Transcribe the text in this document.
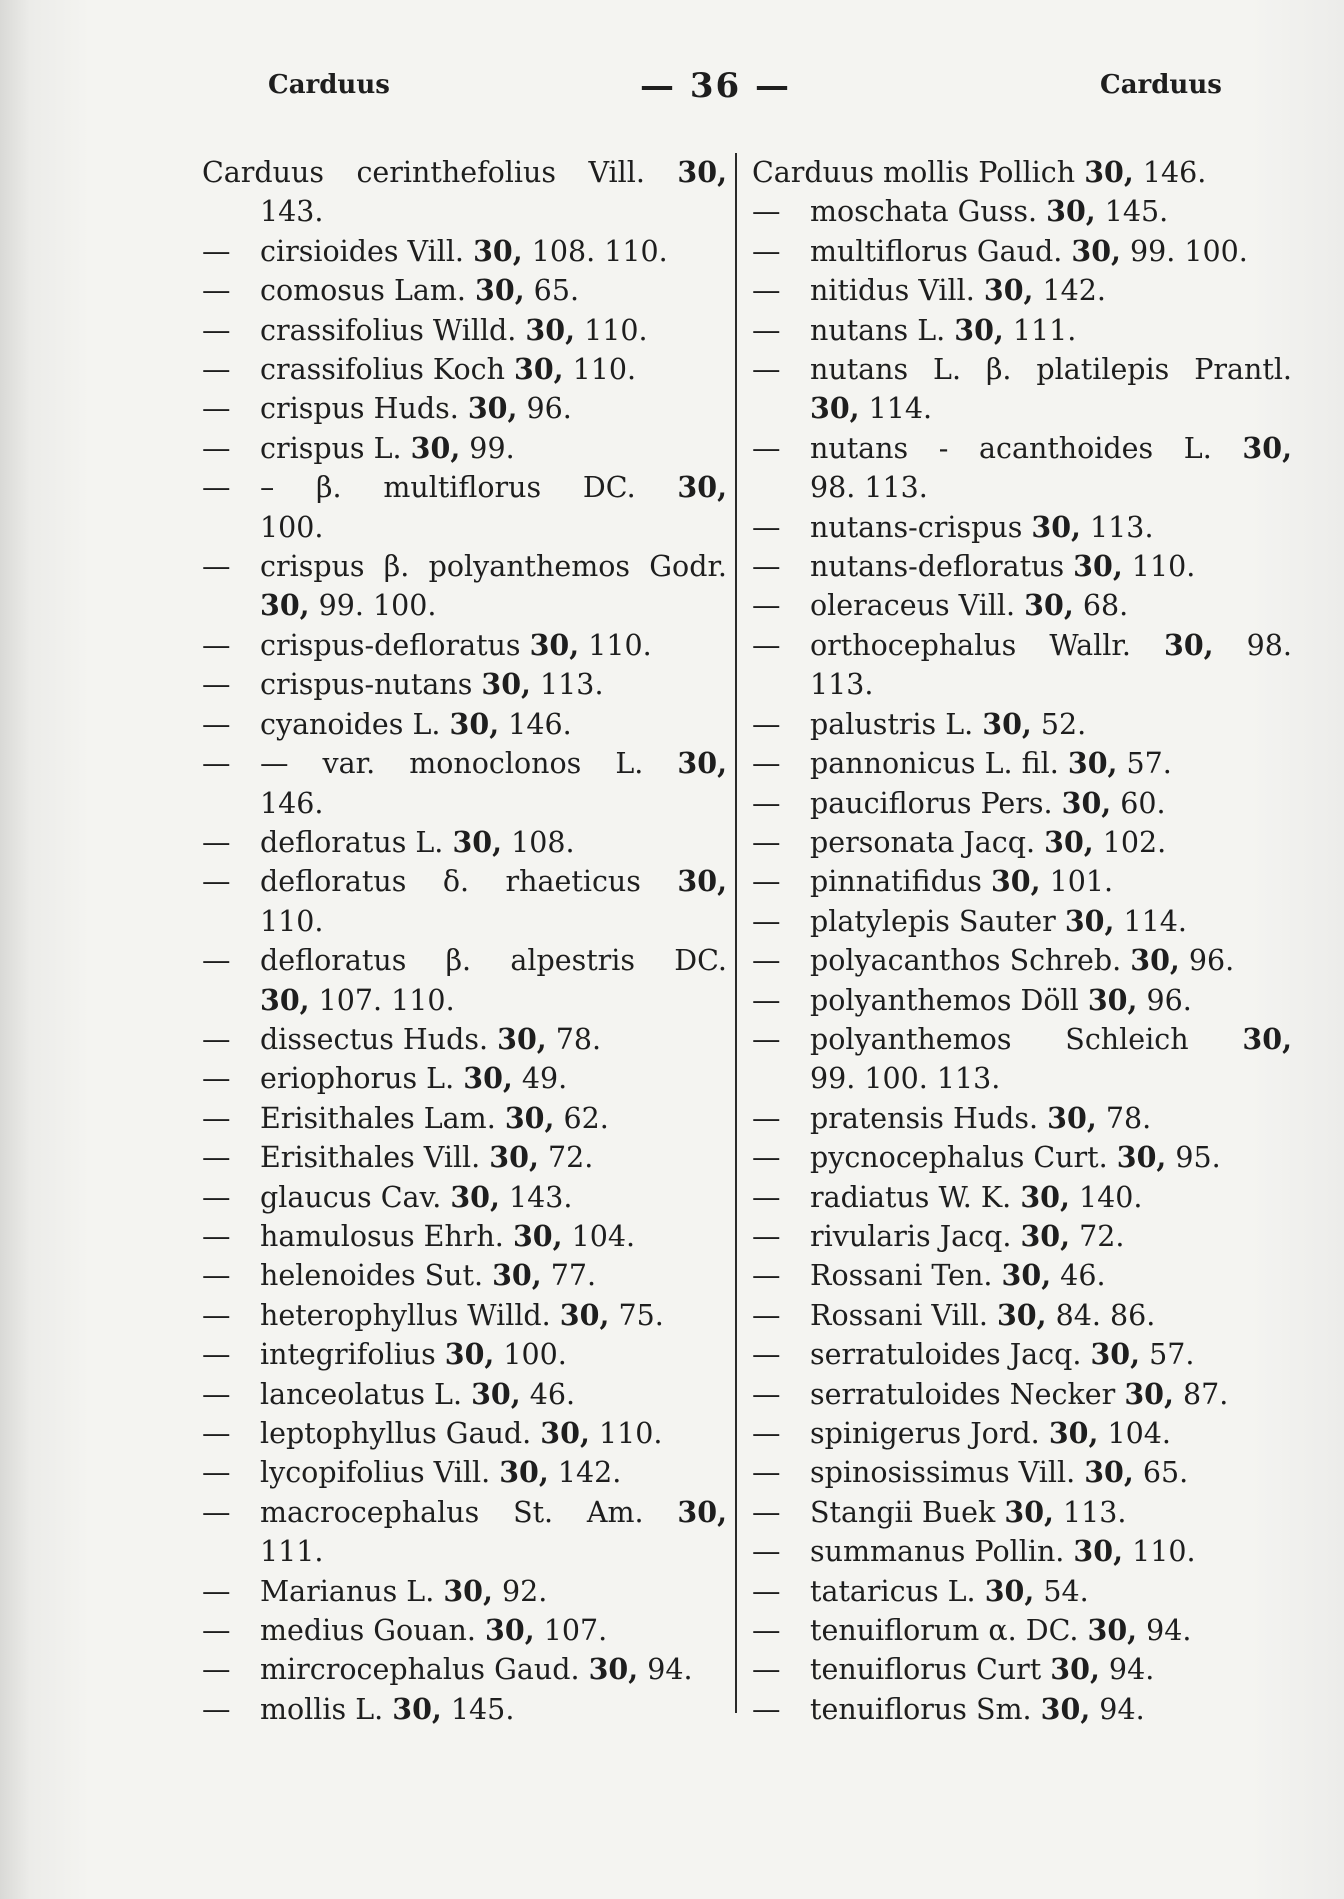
Carduus	— 36 —	Carduus
Carduus cerinthefolius Vill. 30,
143.
— cirsioides Vill. 30, 108. 110.
— comosus Lam. 30, 65.
— crassifolius Willd. 30, 110.
— crassifolius Koch 30, 110.
— crispus Huds. 30, 96.
— crispus L. 30, 99.
— – β. multiflorus DC. 30,
100.
— crispus β. polyanthemos Godr.
30, 99. 100.
— crispus-defloratus 30, 110.
— crispus-nutans 30, 113.
— cyanoides L. 30, 146.
— — var. monoclonos L. 30,
146.
— defloratus L. 30, 108.
— defloratus δ. rhaeticus 30,
110.
— defloratus β. alpestris DC.
30, 107. 110.
— dissectus Huds. 30, 78.
— eriophorus L. 30, 49.
— Erisithales Lam. 30, 62.
— Erisithales Vill. 30, 72.
— glaucus Cav. 30, 143.
— hamulosus Ehrh. 30, 104.
— helenoides Sut. 30, 77.
— heterophyllus Willd. 30, 75.
— integrifolius 30, 100.
— lanceolatus L. 30, 46.
— leptophyllus Gaud. 30, 110.
— lycopifolius Vill. 30, 142.
— macrocephalus St. Am. 30,
111.
— Marianus L. 30, 92.
— medius Gouan. 30, 107.
— mircrocephalus Gaud. 30, 94.
— mollis L. 30, 145.
Carduus mollis Pollich 30, 146.
— moschata Guss. 30, 145.
— multiflorus Gaud. 30, 99. 100.
— nitidus Vill. 30, 142.
— nutans L. 30, 111.
— nutans L. β. platilepis Prantl.
30, 114.
— nutans - acanthoides L. 30,
98. 113.
— nutans-crispus 30, 113.
— nutans-defloratus 30, 110.
— oleraceus Vill. 30, 68.
— orthocephalus Wallr. 30, 98.
113.
— palustris L. 30, 52.
— pannonicus L. fil. 30, 57.
— pauciflorus Pers. 30, 60.
— personata Jacq. 30, 102.
— pinnatifidus 30, 101.
— platylepis Sauter 30, 114.
— polyacanthos Schreb. 30, 96.
— polyanthemos Döll 30, 96.
— polyanthemos Schleich 30,
99. 100. 113.
— pratensis Huds. 30, 78.
— pycnocephalus Curt. 30, 95.
— radiatus W. K. 30, 140.
— rivularis Jacq. 30, 72.
— Rossani Ten. 30, 46.
— Rossani Vill. 30, 84. 86.
— serratuloides Jacq. 30, 57.
— serratuloides Necker 30, 87.
— spinigerus Jord. 30, 104.
— spinosissimus Vill. 30, 65.
— Stangii Buek 30, 113.
— summanus Pollin. 30, 110.
— tataricus L. 30, 54.
— tenuiflorum α. DC. 30, 94.
— tenuiflorus Curt 30, 94.
— tenuiflorus Sm. 30, 94.
